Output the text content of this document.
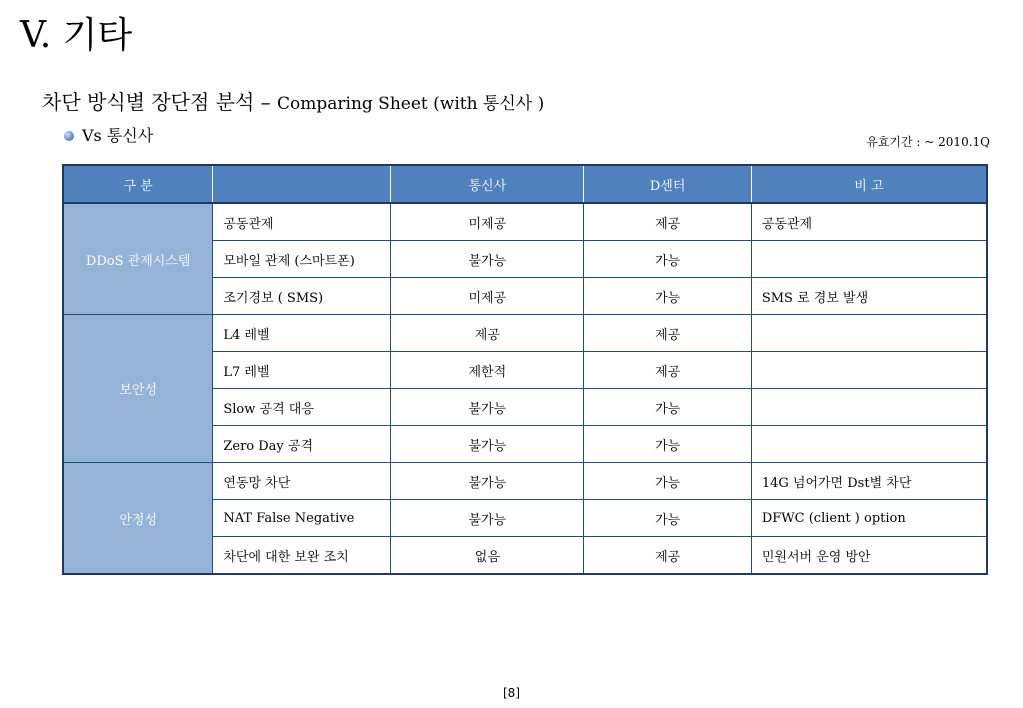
V. 기타
차단 방식별 장단점 분석 – Comparing Sheet (with 통신사 )
Vs 통신사	유효기간 : ~ 2010.1Q
구 분		통신사	D센터	비 고
DDoS 관제시스템	공동관제	미제공	제공	공동관제
	모바일 관제 (스마트폰)	불가능	가능	
	조기경보 ( SMS)	미제공	가능	SMS 로 경보 발생
보안성	L4 레벨	제공	제공	
	L7 레벨	제한적	제공	
	Slow 공격 대응	불가능	가능	
	Zero Day 공격	불가능	가능	
안정성	연동망 차단	불가능	가능	14G 넘어가면 Dst별 차단
	NAT False Negative	불가능	가능	DFWC (client ) option
	차단에 대한 보완 조치	없음	제공	민원서버 운영 방안
[8]
